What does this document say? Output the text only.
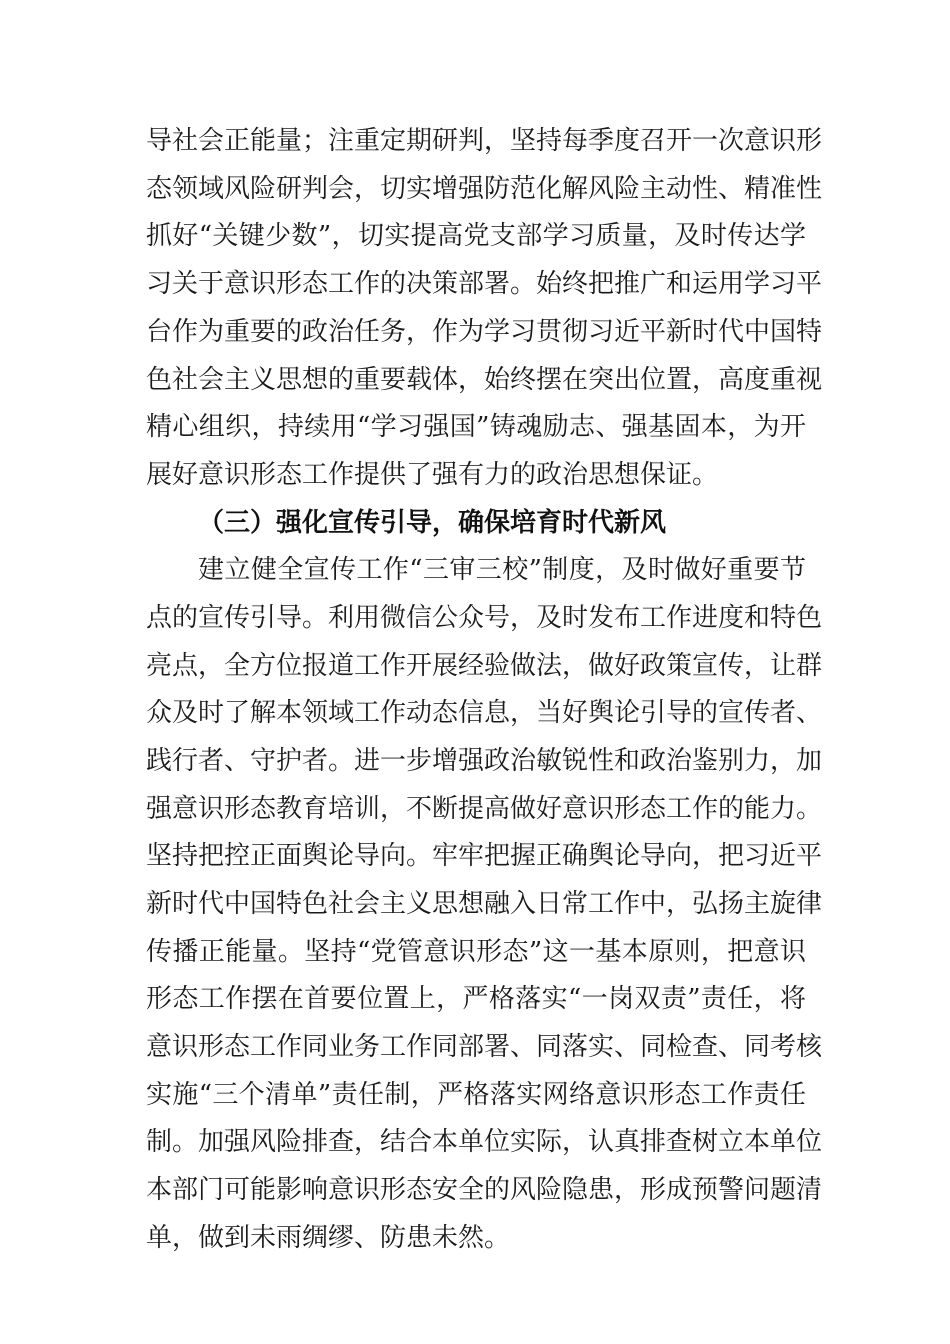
导社会正能量；注重定期研判，坚持每季度召开一次意识形
态领域风险研判会，切实增强防范化解风险主动性、精准性
抓好“关键少数”，切实提高党支部学习质量，及时传达学
习关于意识形态工作的决策部署。始终把推广和运用学习平
台作为重要的政治任务，作为学习贯彻习近平新时代中国特
色社会主义思想的重要载体，始终摆在突出位置，高度重视
精心组织，持续用“学习强国”铸魂励志、强基固本，为开
展好意识形态工作提供了强有力的政治思想保证。
（三）强化宣传引导，确保培育时代新风
建立健全宣传工作“三审三校”制度，及时做好重要节
点的宣传引导。利用微信公众号，及时发布工作进度和特色
亮点，全方位报道工作开展经验做法，做好政策宣传，让群
众及时了解本领域工作动态信息，当好舆论引导的宣传者、
践行者、守护者。进一步增强政治敏锐性和政治鉴别力，加
强意识形态教育培训，不断提高做好意识形态工作的能力。
坚持把控正面舆论导向。牢牢把握正确舆论导向，把习近平
新时代中国特色社会主义思想融入日常工作中，弘扬主旋律
传播正能量。坚持“党管意识形态”这一基本原则，把意识
形态工作摆在首要位置上，严格落实“一岗双责”责任，将
意识形态工作同业务工作同部署、同落实、同检查、同考核
实施“三个清单”责任制，严格落实网络意识形态工作责任
制。加强风险排查，结合本单位实际，认真排查树立本单位
本部门可能影响意识形态安全的风险隐患，形成预警问题清
单，做到未雨绸缪、防患未然。
